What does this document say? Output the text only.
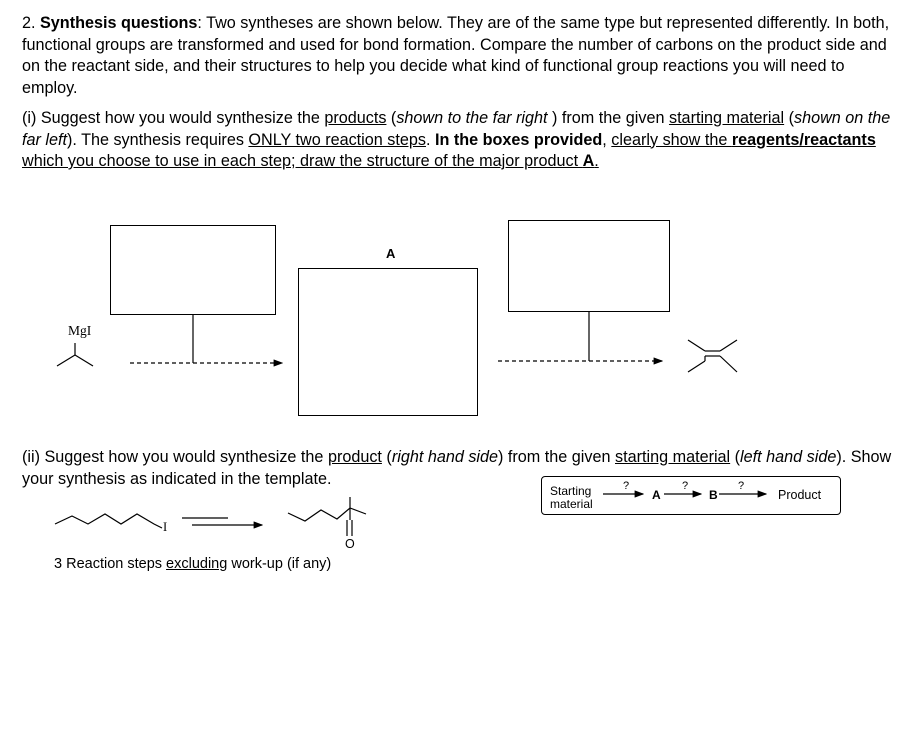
2. Synthesis questions: Two syntheses are shown below. They are of the same type but represented differently. In both, functional groups are transformed and used for bond formation. Compare the number of carbons on the product side and on the reactant side, and their structures to help you decide what kind of functional group reactions you will need to employ.
(i) Suggest how you would synthesize the products (shown to the far right ) from the given starting material (shown on the far left). The synthesis requires ONLY two reaction steps. In the boxes provided, clearly show the reagents/reactants which you choose to use in each step; draw the structure of the major product A.
A
MgI
(ii) Suggest how you would synthesize the product (right hand side) from the given starting material (left hand side). Show your synthesis as indicated in the template.
Starting
material
?
A
?
B
?
Product
I
O
3 Reaction steps excluding work-up (if any)
